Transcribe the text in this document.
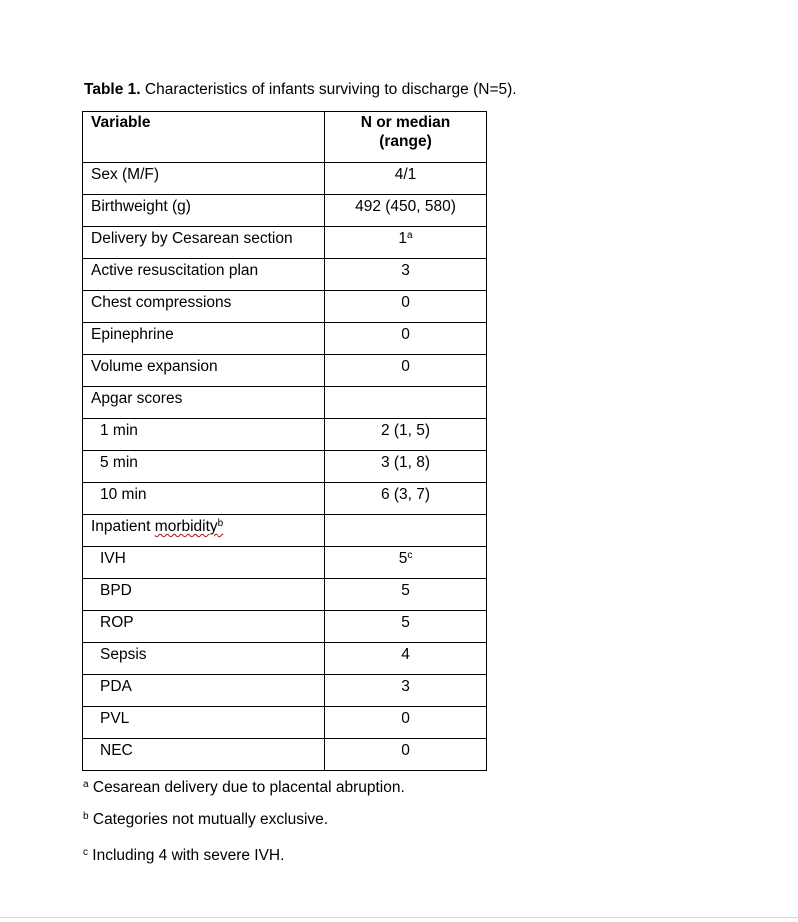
Table 1. Characteristics of infants surviving to discharge (N=5).
Variable	N or median
(range)
Sex (M/F)	4/1
Birthweight (g)	492 (450, 580)
Delivery by Cesarean section	1$^a$
Active resuscitation plan	3
Chest compressions	0
Epinephrine	0
Volume expansion	0
Apgar scores	
1 min	2 (1, 5)
5 min	3 (1, 8)
10 min	6 (3, 7)
Inpatient morbidity$^b$	
IVH	5$^c$
BPD	5
ROP	5
Sepsis	4
PDA	3
PVL	0
NEC	0
$^a$ Cesarean delivery due to placental abruption.
$^b$ Categories not mutually exclusive.
$^c$ Including 4 with severe IVH.
